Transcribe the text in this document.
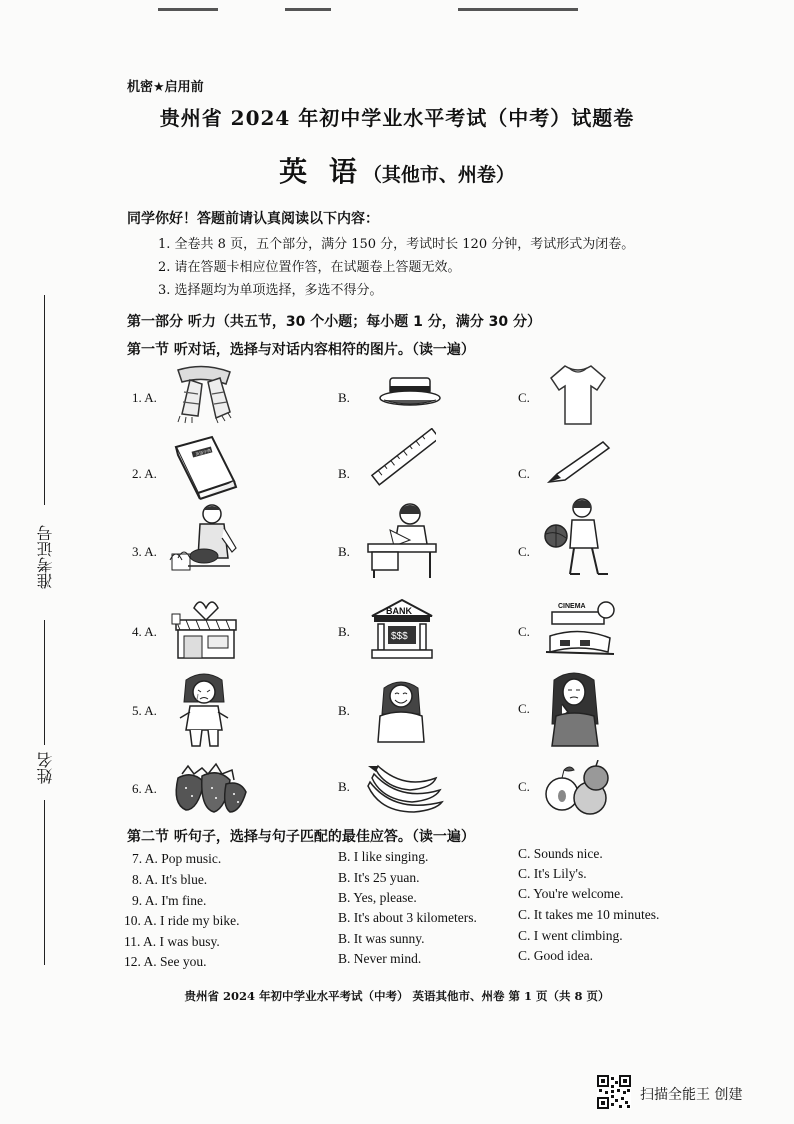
准考证号
姓名
机密★启用前
贵州省 2024 年初中学业水平考试（中考）试题卷
英 语（其他市、州卷）
同学你好！答题前请认真阅读以下内容：
1. 全卷共 8 页，五个部分，满分 150 分，考试时长 120 分钟，考试形式为闭卷。
2. 请在答题卡相应位置作答，在试题卷上答题无效。
3. 选择题均为单项选择，多选不得分。
第一部分 听力（共五节，30 个小题；每小题 1 分，满分 30 分）
第一节 听对话，选择与对话内容相符的图片。（读一遍）
1. A.	B.	C.
2. A.	B.	C.
3. A.	B.	C.
4. A.	B.	C.
5. A.	B.	C.
6. A.	B.	C.
英语字典
BANK
$$$
CINEMA
第二节 听句子，选择与句子匹配的最佳应答。（读一遍）
7. A. Pop music.	B. I like singing.	C. Sounds nice.
8. A. It's blue.	B. It's 25 yuan.	C. It's Lily's.
9. A. I'm fine.	B. Yes, please.	C. You're welcome.
10. A. I ride my bike.	B. It's about 3 kilometers.	C. It takes me 10 minutes.
11. A. I was busy.	B. It was sunny.	C. I went climbing.
12. A. See you.	B. Never mind.	C. Good idea.
贵州省 2024 年初中学业水平考试（中考） 英语其他市、州卷 第 1 页（共 8 页）
扫描全能王 创建
